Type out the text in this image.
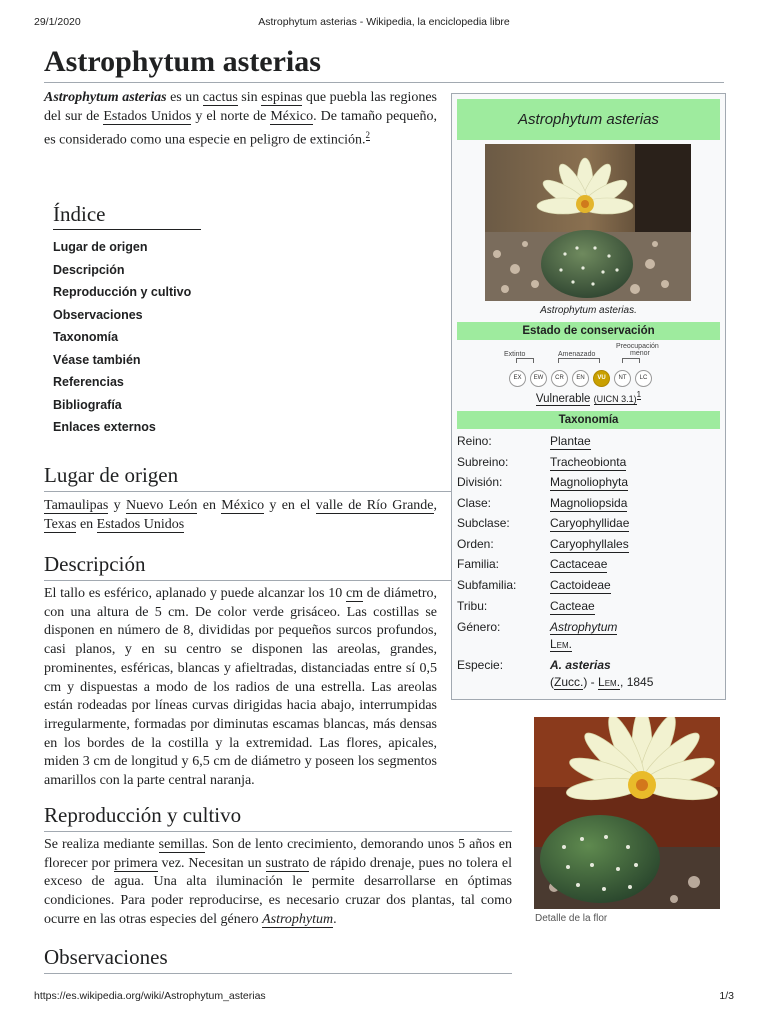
29/1/2020	Astrophytum asterias - Wikipedia, la enciclopedia libre
Astrophytum asterias
Astrophytum asterias es un cactus sin espinas que puebla las regiones del sur de Estados Unidos y el norte de México. De tamaño pequeño, es considerado como una especie en peligro de extinción.$^2$
Índice
Lugar de origen
Descripción
Reproducción y cultivo
Observaciones
Taxonomía
Véase también
Referencias
Bibliografía
Enlaces externos
Lugar de origen
Tamaulipas y Nuevo León en México y en el valle de Río Grande, Texas en Estados Unidos
Descripción
El tallo es esférico, aplanado y puede alcanzar los 10 cm de diámetro, con una altura de 5 cm. De color verde grisáceo. Las costillas se disponen en número de 8, divididas por pequeños surcos profundos, casi planos, y en su centro se disponen las areolas, grandes, prominentes, esféricas, blancas y afieltradas, distanciadas entre sí 0,5 cm y dispuestas a modo de los radios de una estrella. Las areolas están rodeadas por líneas curvas dirigidas hacia abajo, interrumpidas irregularmente, formadas por diminutas escamas blancas, más densas en los bordes de la costilla y la extremidad. Las flores, apicales, miden 3 cm de longitud y 6,5 cm de diámetro y poseen los segmentos amarillos con la parte central naranja.
Reproducción y cultivo
Se realiza mediante semillas. Son de lento crecimiento, demorando unos 5 años en florecer por primera vez. Necesitan un sustrato de rápido drenaje, pues no tolera el exceso de agua. Una alta iluminación le permite desarrollarse en óptimas condiciones. Para poder reproducirse, es necesario cruzar dos plantas, tal como ocurre en las otras especies del género Astrophytum.
Observaciones
Astrophytum asterias
Astrophytum asterias.
Estado de conservación
Extinto	Amenazado
Preocupación
menor
EX	EW	CR	EN	VU	NT	LC
Vulnerable (UICN 3.1)$^1$
Taxonomía
Reino:	Plantae
Subreino:	Tracheobionta
División:	Magnoliophyta
Clase:	Magnoliopsida
Subclase:	Caryophyllidae
Orden:	Caryophyllales
Familia:	Cactaceae
Subfamilia:	Cactoideae
Tribu:	Cacteae
Género:	Astrophytum
Lem.
Especie:	A. asterias
(Zucc.) - Lem., 1845
Detalle de la flor
https://es.wikipedia.org/wiki/Astrophytum_asterias	1/3
